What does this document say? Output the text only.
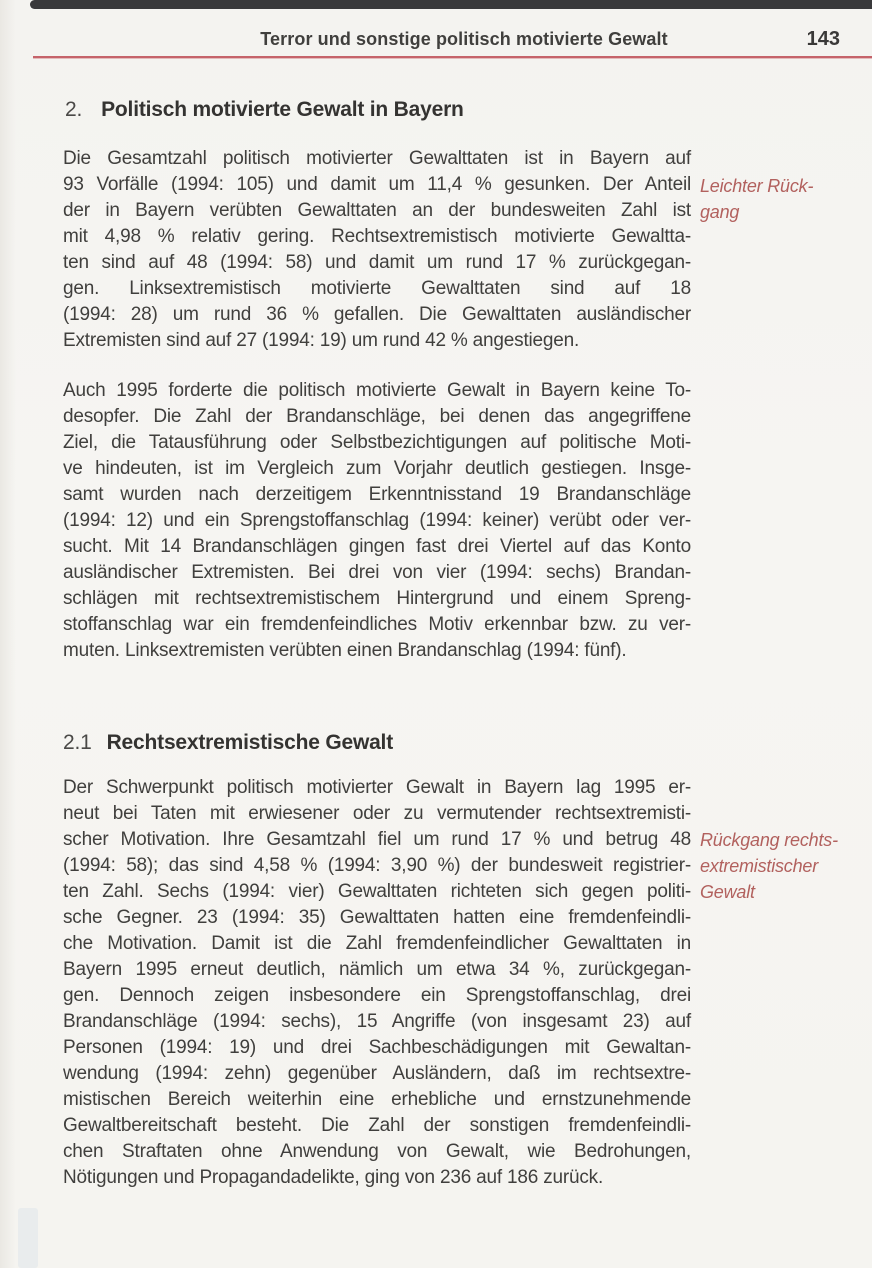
Terror und sonstige politisch motivierte Gewalt	143
2. Politisch motivierte Gewalt in Bayern
Die Gesamtzahl politisch motivierter Gewalttaten ist in Bayern auf
93 Vorfälle (1994: 105) und damit um 11,4 % gesunken. Der Anteil
der in Bayern verübten Gewalttaten an der bundesweiten Zahl ist
mit 4,98 % relativ gering. Rechtsextremistisch motivierte Gewaltta-
ten sind auf 48 (1994: 58) und damit um rund 17 % zurückgegan-
gen. Linksextremistisch motivierte Gewalttaten sind auf 18
(1994: 28) um rund 36 % gefallen. Die Gewalttaten ausländischer
Extremisten sind auf 27 (1994: 19) um rund 42 % angestiegen.
Leichter Rück-
gang
Auch 1995 forderte die politisch motivierte Gewalt in Bayern keine To-
desopfer. Die Zahl der Brandanschläge, bei denen das angegriffene
Ziel, die Tatausführung oder Selbstbezichtigungen auf politische Moti-
ve hindeuten, ist im Vergleich zum Vorjahr deutlich gestiegen. Insge-
samt wurden nach derzeitigem Erkenntnisstand 19 Brandanschläge
(1994: 12) und ein Sprengstoffanschlag (1994: keiner) verübt oder ver-
sucht. Mit 14 Brandanschlägen gingen fast drei Viertel auf das Konto
ausländischer Extremisten. Bei drei von vier (1994: sechs) Brandan-
schlägen mit rechtsextremistischem Hintergrund und einem Spreng-
stoffanschlag war ein fremdenfeindliches Motiv erkennbar bzw. zu ver-
muten. Linksextremisten verübten einen Brandanschlag (1994: fünf).
2.1 Rechtsextremistische Gewalt
Der Schwerpunkt politisch motivierter Gewalt in Bayern lag 1995 er-
neut bei Taten mit erwiesener oder zu vermutender rechtsextremisti-
scher Motivation. Ihre Gesamtzahl fiel um rund 17 % und betrug 48
(1994: 58); das sind 4,58 % (1994: 3,90 %) der bundesweit registrier-
ten Zahl. Sechs (1994: vier) Gewalttaten richteten sich gegen politi-
sche Gegner. 23 (1994: 35) Gewalttaten hatten eine fremdenfeindli-
che Motivation. Damit ist die Zahl fremdenfeindlicher Gewalttaten in
Bayern 1995 erneut deutlich, nämlich um etwa 34 %, zurückgegan-
gen. Dennoch zeigen insbesondere ein Sprengstoffanschlag, drei
Brandanschläge (1994: sechs), 15 Angriffe (von insgesamt 23) auf
Personen (1994: 19) und drei Sachbeschädigungen mit Gewaltan-
wendung (1994: zehn) gegenüber Ausländern, daß im rechtsextre-
mistischen Bereich weiterhin eine erhebliche und ernstzunehmende
Gewaltbereitschaft besteht. Die Zahl der sonstigen fremdenfeindli-
chen Straftaten ohne Anwendung von Gewalt, wie Bedrohungen,
Nötigungen und Propagandadelikte, ging von 236 auf 186 zurück.
Rückgang rechts-
extremistischer
Gewalt
